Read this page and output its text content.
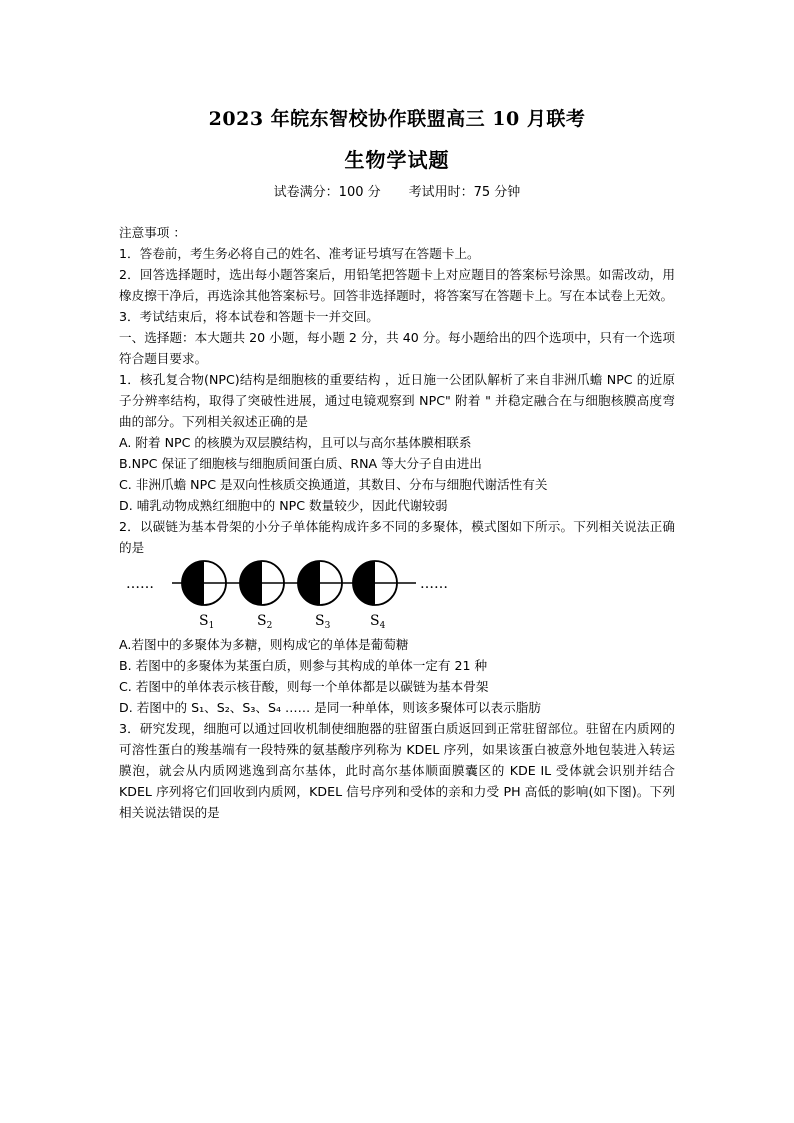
2023 年皖东智校协作联盟高三 10 月联考
生物学试题
试卷满分：100 分 考试用时：75 分钟

注意事项 ：

1．答卷前，考生务必将自己的姓名、准考证号填写在答题卡上。

2．回答选择题时，选出每小题答案后，用铅笔把答题卡上对应题目的答案标号涂黑。如需改动，用橡皮擦干净后，再选涂其他答案标号。回答非选择题时，将答案写在答题卡上。写在本试卷上无效。

3．考试结束后，将本试卷和答题卡一并交回。

一、选择题：本大题共 20 小题，每小题 2 分，共 40 分。每小题给出的四个选项中，只有一个选项符合题目要求。

1．核孔复合物(NPC)结构是细胞核的重要结构 ，近日施一公团队解析了来自非洲爪蟾 NPC 的近原子分辨率结构，取得了突破性进展，通过电镜观察到 NPC" 附着 " 并稳定融合在与细胞核膜高度弯曲的部分。下列相关叙述正确的是

A. 附着 NPC 的核膜为双层膜结构，且可以与高尔基体膜相联系

B.NPC 保证了细胞核与细胞质间蛋白质、RNA 等大分子自由进出

C. 非洲爪蟾 NPC 是双向性核质交换通道，其数目、分布与细胞代谢活性有关

D. 哺乳动物成熟红细胞中的 NPC 数量较少，因此代谢较弱

2．以碳链为基本骨架的小分子单体能构成许多不同的多聚体，模式图如下所示。下列相关说法正确的是

……	……
$S_1$	$S_2$	$S_3$	$S_4$

A.若图中的多聚体为多糖，则构成它的单体是葡萄糖

B. 若图中的多聚体为某蛋白质，则参与其构成的单体一定有 21 种

C. 若图中的单体表示核苷酸，则每一个单体都是以碳链为基本骨架

D. 若图中的 S₁、S₂、S₃、S₄ …… 是同一种单体，则该多聚体可以表示脂肪

3．研究发现，细胞可以通过回收机制使细胞器的驻留蛋白质返回到正常驻留部位。驻留在内质网的可溶性蛋白的羧基端有一段特殊的氨基酸序列称为 KDEL 序列，如果该蛋白被意外地包装进入转运膜泡，就会从内质网逃逸到高尔基体，此时高尔基体顺面膜囊区的 KDE IL 受体就会识别并结合 KDEL 序列将它们回收到内质网，KDEL 信号序列和受体的亲和力受 PH 高低的影响(如下图)。下列相关说法错误的是
